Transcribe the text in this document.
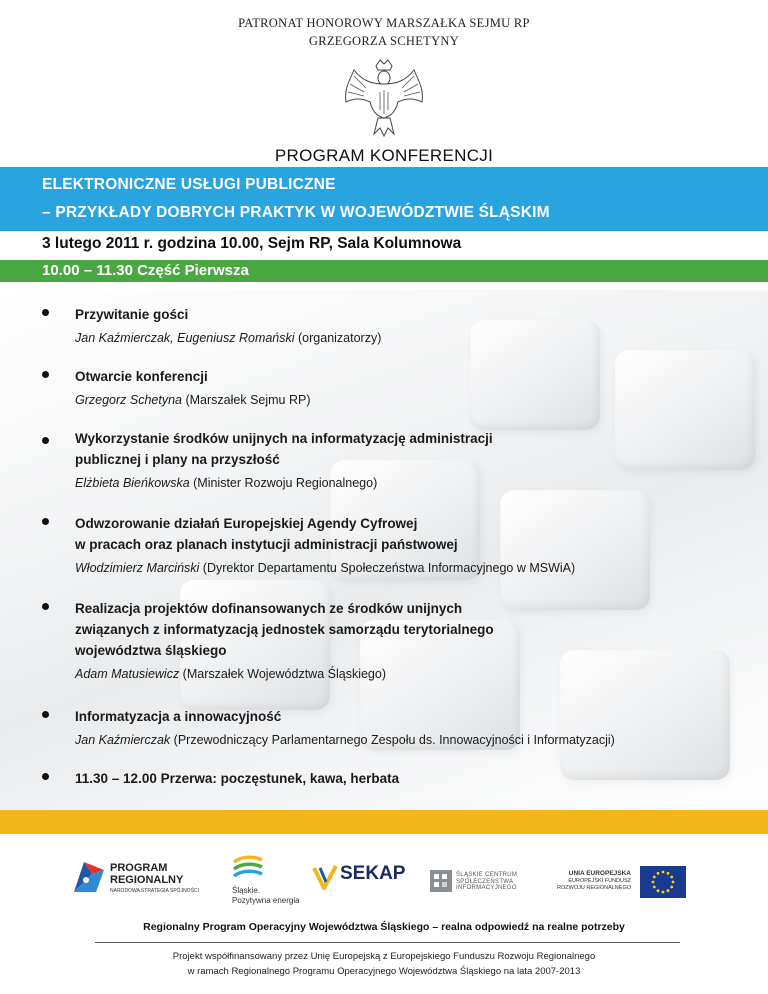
PATRONAT HONOROWY MARSZAŁKA SEJMU RP
GRZEGORZA SCHETYNY
PROGRAM KONFERENCJI
ELEKTRONICZNE USŁUGI PUBLICZNE
– PRZYKŁADY DOBRYCH PRAKTYK W WOJEWÓDZTWIE ŚLĄSKIM
3 lutego 2011 r. godzina 10.00, Sejm RP, Sala Kolumnowa
10.00 – 11.30 Część Pierwsza
Przywitanie gości
Jan Kaźmierczak, Eugeniusz Romański (organizatorzy)
Otwarcie konferencji
Grzegorz Schetyna (Marszałek Sejmu RP)
Wykorzystanie środków unijnych na informatyzację administracji
publicznej i plany na przyszłość
Elżbieta Bieńkowska (Minister Rozwoju Regionalnego)
Odwzorowanie działań Europejskiej Agendy Cyfrowej
w pracach oraz planach instytucji administracji państwowej
Włodzimierz Marciński (Dyrektor Departamentu Społeczeństwa Informacyjnego w MSWiA)
Realizacja projektów dofinansowanych ze środków unijnych
związanych z informatyzacją jednostek samorządu terytorialnego
województwa śląskiego
Adam Matusiewicz (Marszałek Województwa Śląskiego)
Informatyzacja a innowacyjność
Jan Kaźmierczak (Przewodniczący Parlamentarnego Zespołu ds. Innowacyjności i Informatyzacji)
11.30 – 12.00 Przerwa: poczęstunek, kawa, herbata
PROGRAM
REGIONALNY
NARODOWA STRATEGIA SPÓJNOŚCI	Śląskie.
Pozytywna energia
SEKAP	ŚLĄSKIE CENTRUM
SPOŁECZEŃSTWA
INFORMACYJNEGO
UNIA EUROPEJSKA
EUROPEJSKI FUNDUSZ
ROZWOJU REGIONALNEGO
Regionalny Program Operacyjny Województwa Śląskiego – realna odpowiedź na realne potrzeby
Projekt współfinansowany przez Unię Europejską z Europejskiego Funduszu Rozwoju Regionalnego
w ramach Regionalnego Programu Operacyjnego Województwa Śląskiego na lata 2007-2013
